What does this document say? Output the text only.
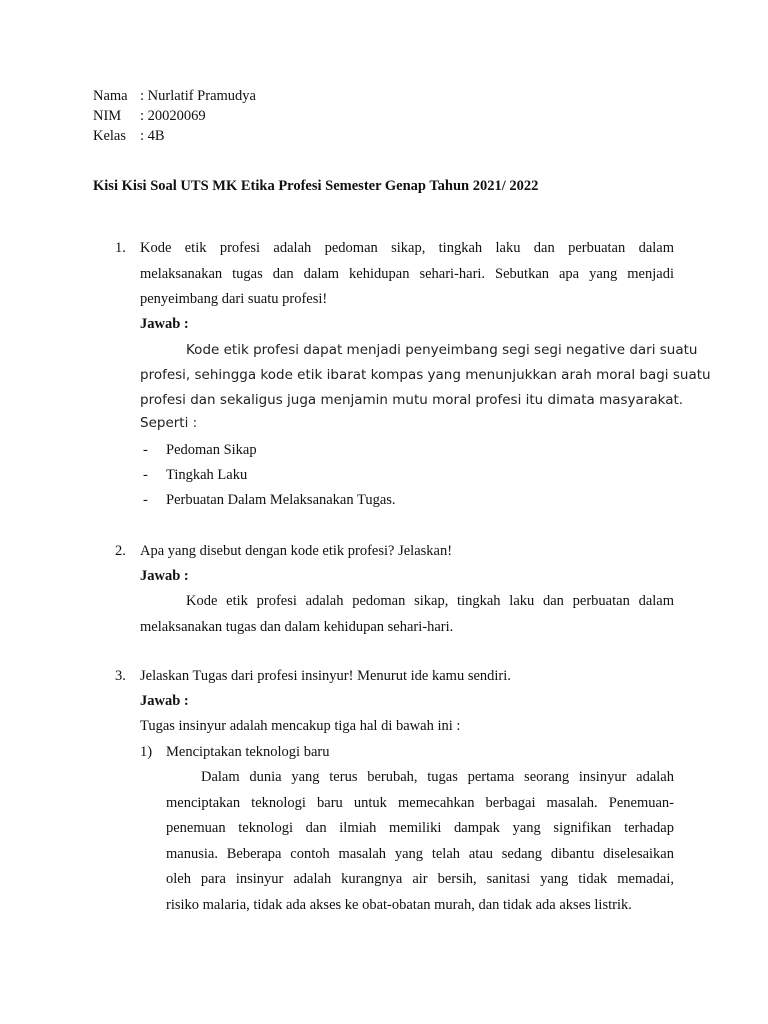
Nama : Nurlatif Pramudya
NIM : 20020069
Kelas : 4B
Kisi Kisi Soal UTS MK Etika Profesi Semester Genap Tahun 2021/ 2022
1. Kode etik profesi adalah pedoman sikap, tingkah laku dan perbuatan dalam
melaksanakan tugas dan dalam kehidupan sehari-hari. Sebutkan apa yang menjadi
penyeimbang dari suatu profesi!
Jawab :
Kode etik profesi dapat menjadi penyeimbang segi segi negative dari suatu
profesi, sehingga kode etik ibarat kompas yang menunjukkan arah moral bagi suatu
profesi dan sekaligus juga menjamin mutu moral profesi itu dimata masyarakat.
Seperti :
- Pedoman Sikap
- Tingkah Laku
- Perbuatan Dalam Melaksanakan Tugas.
2. Apa yang disebut dengan kode etik profesi? Jelaskan!
Jawab :
Kode etik profesi adalah pedoman sikap, tingkah laku dan perbuatan dalam
melaksanakan tugas dan dalam kehidupan sehari-hari.
3. Jelaskan Tugas dari profesi insinyur! Menurut ide kamu sendiri.
Jawab :
Tugas insinyur adalah mencakup tiga hal di bawah ini :
1) Menciptakan teknologi baru
Dalam dunia yang terus berubah, tugas pertama seorang insinyur adalah
menciptakan teknologi baru untuk memecahkan berbagai masalah. Penemuan-
penemuan teknologi dan ilmiah memiliki dampak yang signifikan terhadap
manusia. Beberapa contoh masalah yang telah atau sedang dibantu diselesaikan
oleh para insinyur adalah kurangnya air bersih, sanitasi yang tidak memadai,
risiko malaria, tidak ada akses ke obat-obatan murah, dan tidak ada akses listrik.
